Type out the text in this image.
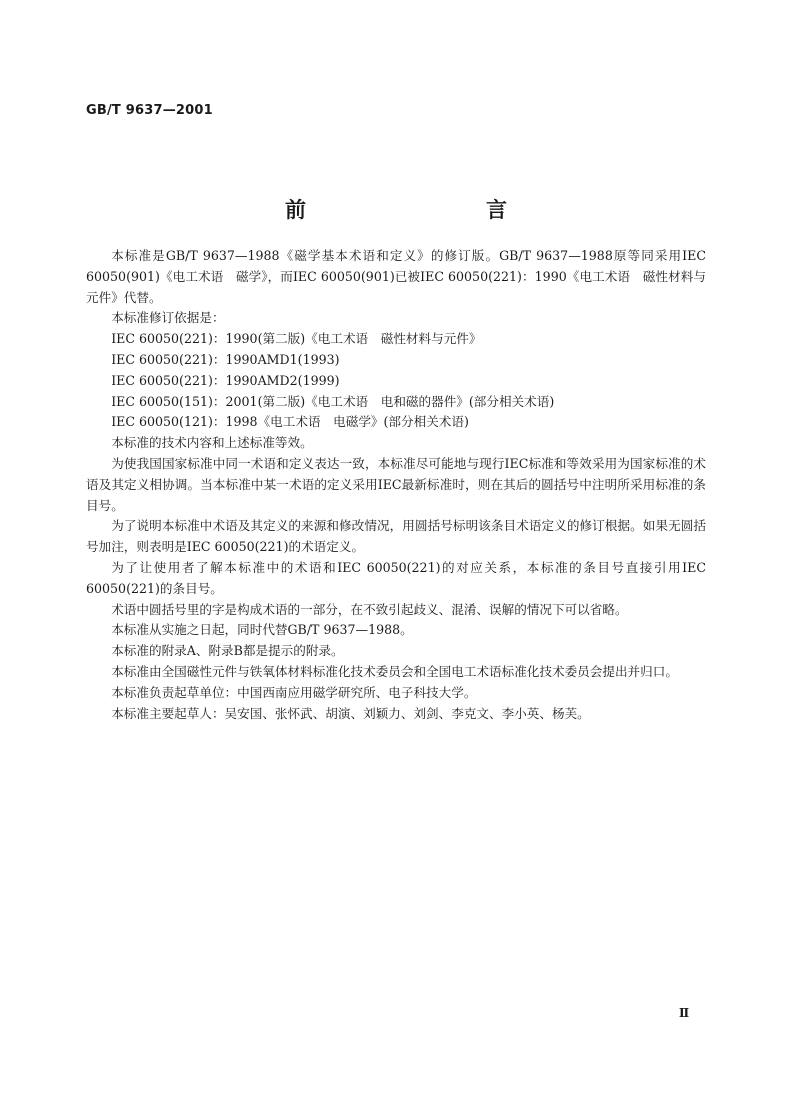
GB/T 9637—2001
前　　言

本标准是GB/T 9637—1988《磁学基本术语和定义》的修订版。GB/T 9637—1988原等同采用IEC 60050(901)《电工术语　磁学》，而IEC 60050(901)已被IEC 60050(221)：1990《电工术语　磁性材料与元件》代替。

本标准修订依据是：

IEC 60050(221)：1990(第二版)《电工术语　磁性材料与元件》

IEC 60050(221)：1990AMD1(1993)

IEC 60050(221)：1990AMD2(1999)

IEC 60050(151)：2001(第二版)《电工术语　电和磁的器件》(部分相关术语)

IEC 60050(121)：1998《电工术语　电磁学》(部分相关术语)

本标准的技术内容和上述标准等效。

为使我国国家标准中同一术语和定义表达一致，本标准尽可能地与现行IEC标准和等效采用为国家标准的术语及其定义相协调。当本标准中某一术语的定义采用IEC最新标准时，则在其后的圆括号中注明所采用标准的条目号。

为了说明本标准中术语及其定义的来源和修改情况，用圆括号标明该条目术语定义的修订根据。如果无圆括号加注，则表明是IEC 60050(221)的术语定义。

为了让使用者了解本标准中的术语和IEC 60050(221)的对应关系，本标准的条目号直接引用IEC 60050(221)的条目号。

术语中圆括号里的字是构成术语的一部分，在不致引起歧义、混淆、误解的情况下可以省略。

本标准从实施之日起，同时代替GB/T 9637—1988。

本标准的附录A、附录B都是提示的附录。

本标准由全国磁性元件与铁氧体材料标准化技术委员会和全国电工术语标准化技术委员会提出并归口。

本标准负责起草单位：中国西南应用磁学研究所、电子科技大学。

本标准主要起草人：吴安国、张怀武、胡演、刘颖力、刘剑、李克文、李小英、杨芙。

Ⅱ
